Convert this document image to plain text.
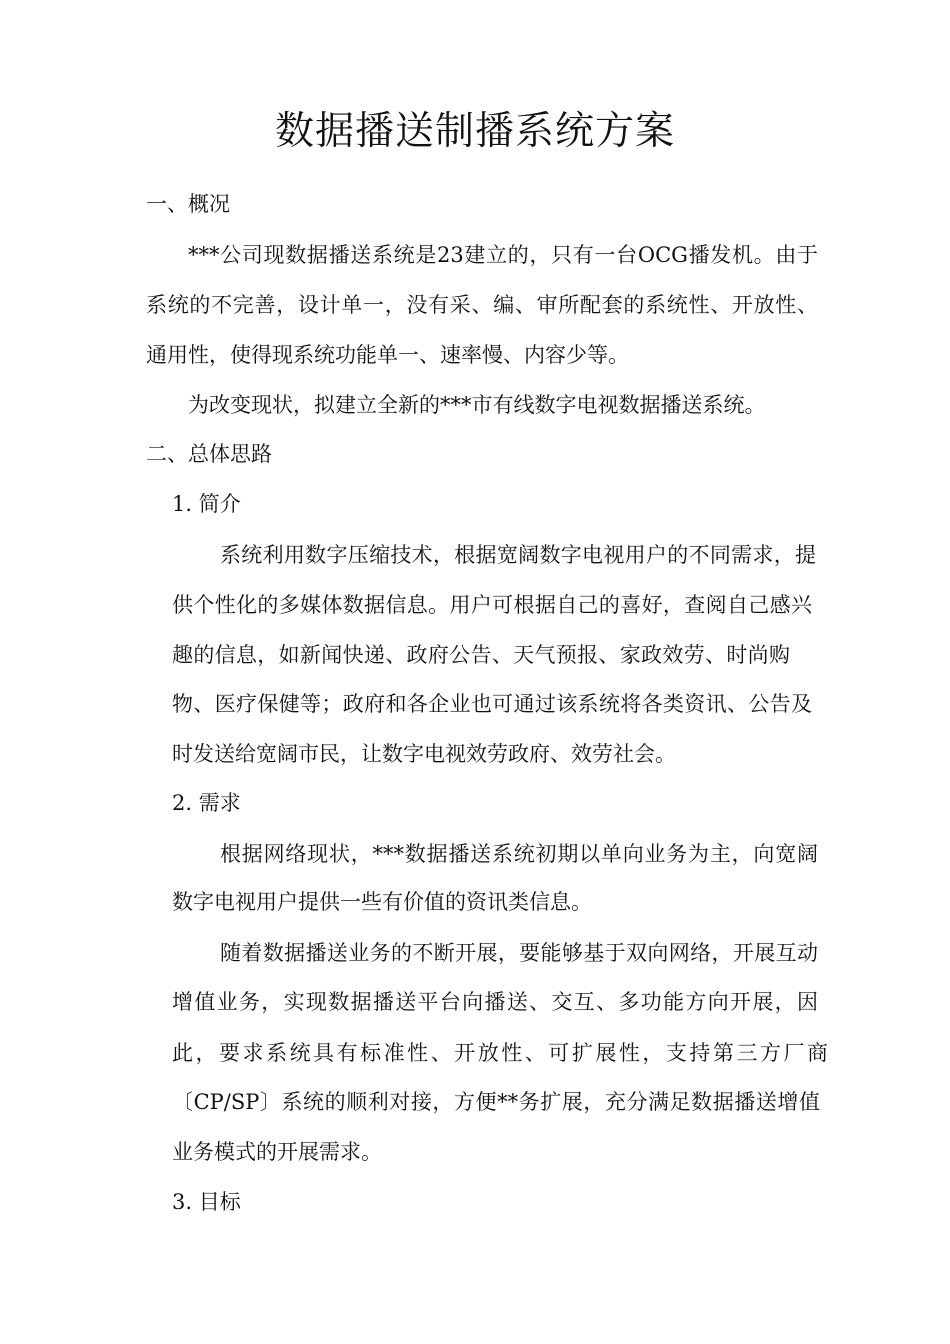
数据播送制播系统方案
一、概况
***公司现数据播送系统是23建立的，只有一台OCG播发机。由于
系统的不完善，设计单一，没有采、编、审所配套的系统性、开放性、
通用性，使得现系统功能单一、速率慢、内容少等。
为改变现状，拟建立全新的***市有线数字电视数据播送系统。
二、总体思路
1. 简介
系统利用数字压缩技术，根据宽阔数字电视用户的不同需求，提
供个性化的多媒体数据信息。用户可根据自己的喜好，查阅自己感兴
趣的信息，如新闻快递、政府公告、天气预报、家政效劳、时尚购
物、医疗保健等；政府和各企业也可通过该系统将各类资讯、公告及
时发送给宽阔市民，让数字电视效劳政府、效劳社会。
2. 需求
根据网络现状，***数据播送系统初期以单向业务为主，向宽阔
数字电视用户提供一些有价值的资讯类信息。
随着数据播送业务的不断开展，要能够基于双向网络，开展互动
增值业务，实现数据播送平台向播送、交互、多功能方向开展，因
此，要求系统具有标准性、开放性、可扩展性，支持第三方厂商
〔CP/SP〕系统的顺利对接，方便**务扩展，充分满足数据播送增值
业务模式的开展需求。
3. 目标
